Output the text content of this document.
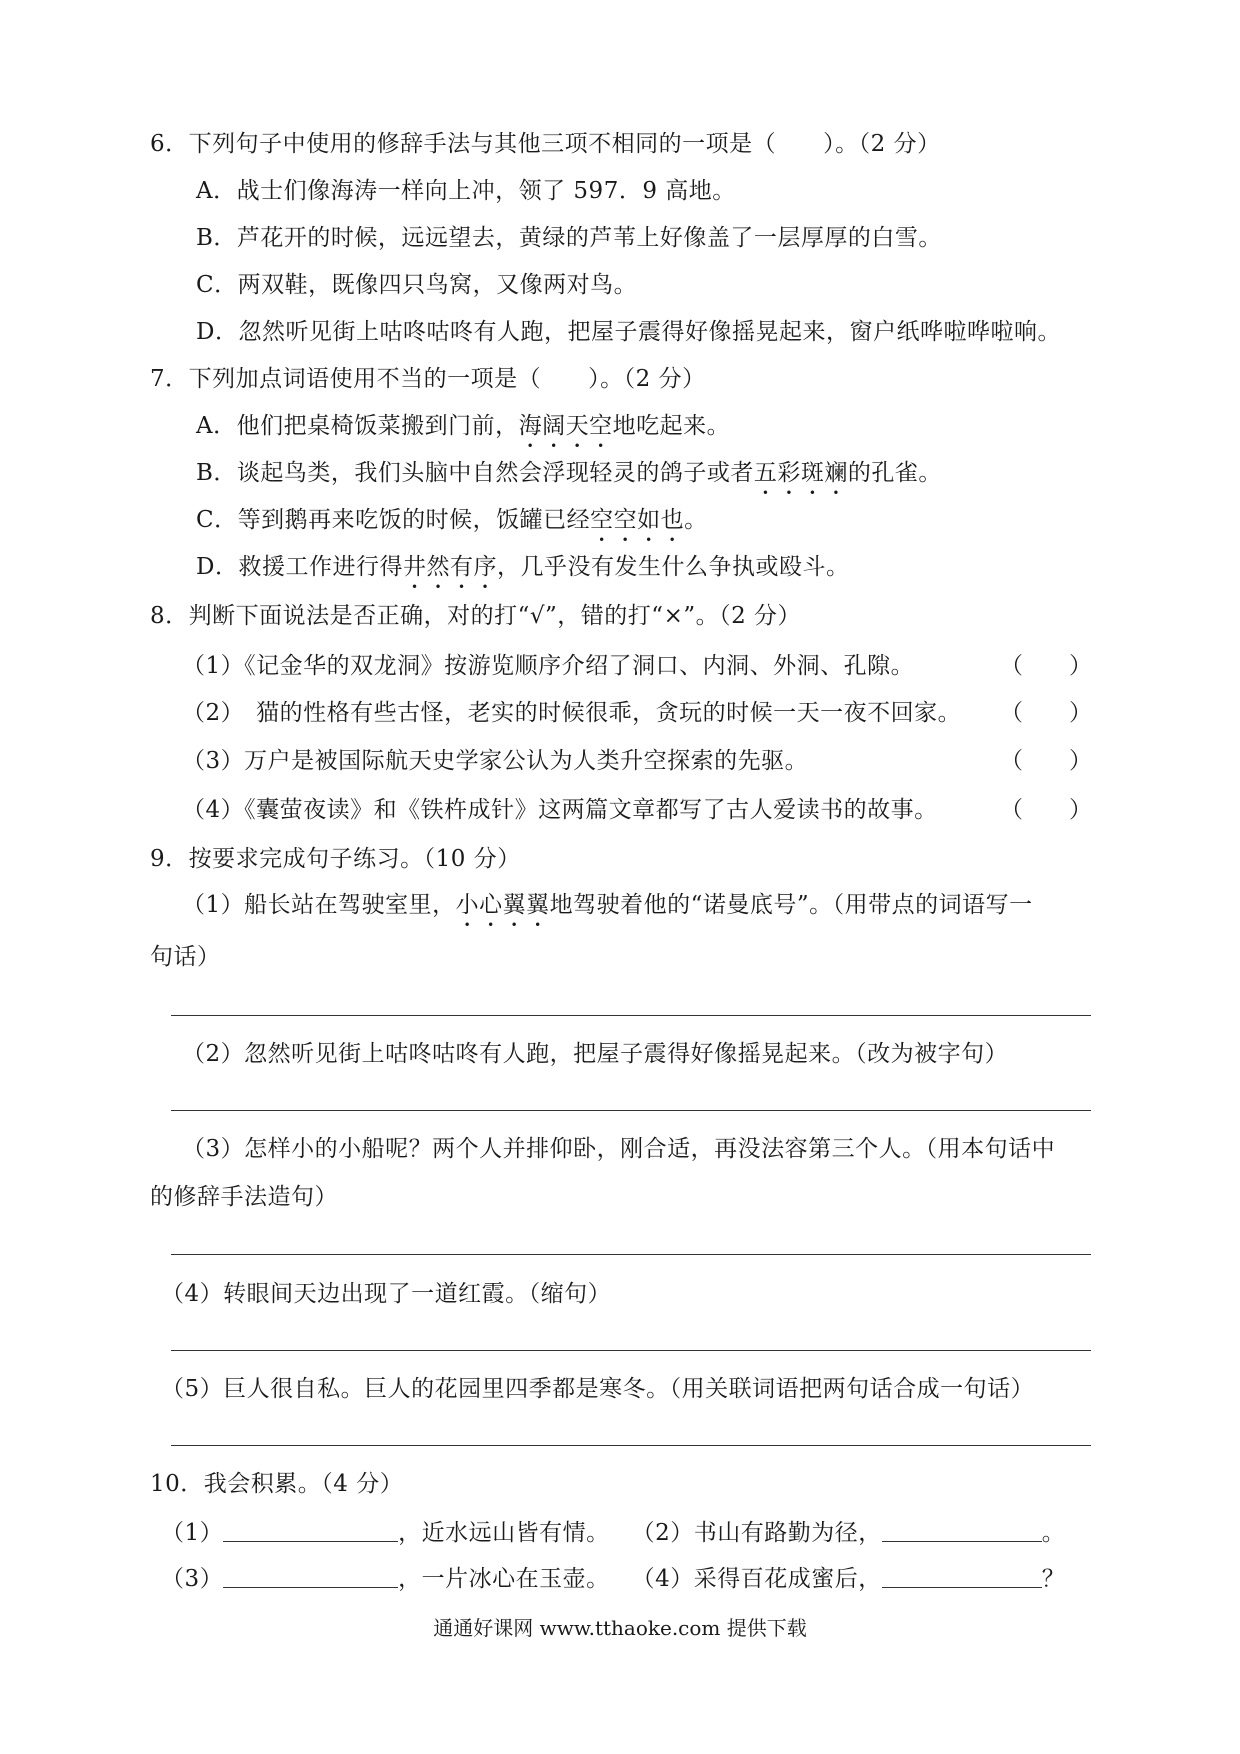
6．下列句子中使用的修辞手法与其他三项不相同的一项是（　　）。（2 分）
A．战士们像海涛一样向上冲，领了 597．9 高地。
B．芦花开的时候，远远望去，黄绿的芦苇上好像盖了一层厚厚的白雪。
C．两双鞋，既像四只鸟窝，又像两对鸟。
D．忽然听见街上咕咚咕咚有人跑，把屋子震得好像摇晃起来，窗户纸哗啦哗啦响。
7．下列加点词语使用不当的一项是（　　）。（2 分）
A．他们把桌椅饭菜搬到门前，海阔天空地吃起来。
B．谈起鸟类，我们头脑中自然会浮现轻灵的鸽子或者五彩斑斓的孔雀。
C．等到鹅再来吃饭的时候，饭罐已经空空如也。
D．救援工作进行得井然有序，几乎没有发生什么争执或殴斗。
8．判断下面说法是否正确，对的打“√”，错的打“×”。（2 分）
（1）《记金华的双龙洞》按游览顺序介绍了洞口、内洞、外洞、孔隙。	（　　）
（2）　猫的性格有些古怪，老实的时候很乖，贪玩的时候一天一夜不回家。 （　　）
（3）万户是被国际航天史学家公认为人类升空探索的先驱。	（　　）
（4）《囊萤夜读》和《铁杵成针》这两篇文章都写了古人爱读书的故事。	（　　）
9．按要求完成句子练习。（10 分）
（1）船长站在驾驶室里，小心翼翼地驾驶着他的“诺曼底号”。（用带点的词语写一
句话）
（2）忽然听见街上咕咚咕咚有人跑，把屋子震得好像摇晃起来。（改为被字句）
（3）怎样小的小船呢？两个人并排仰卧，刚合适，再没法容第三个人。（用本句话中
的修辞手法造句）
（4）转眼间天边出现了一道红霞。（缩句）
（5）巨人很自私。巨人的花园里四季都是寒冬。（用关联词语把两句话合成一句话）
10．我会积累。（4 分）
（1）	，近水远山皆有情。 （2）书山有路勤为径，	。
（3）	，一片冰心在玉壶。 （4）采得百花成蜜后，	？
通通好课网 www.tthaoke.com 提供下载
